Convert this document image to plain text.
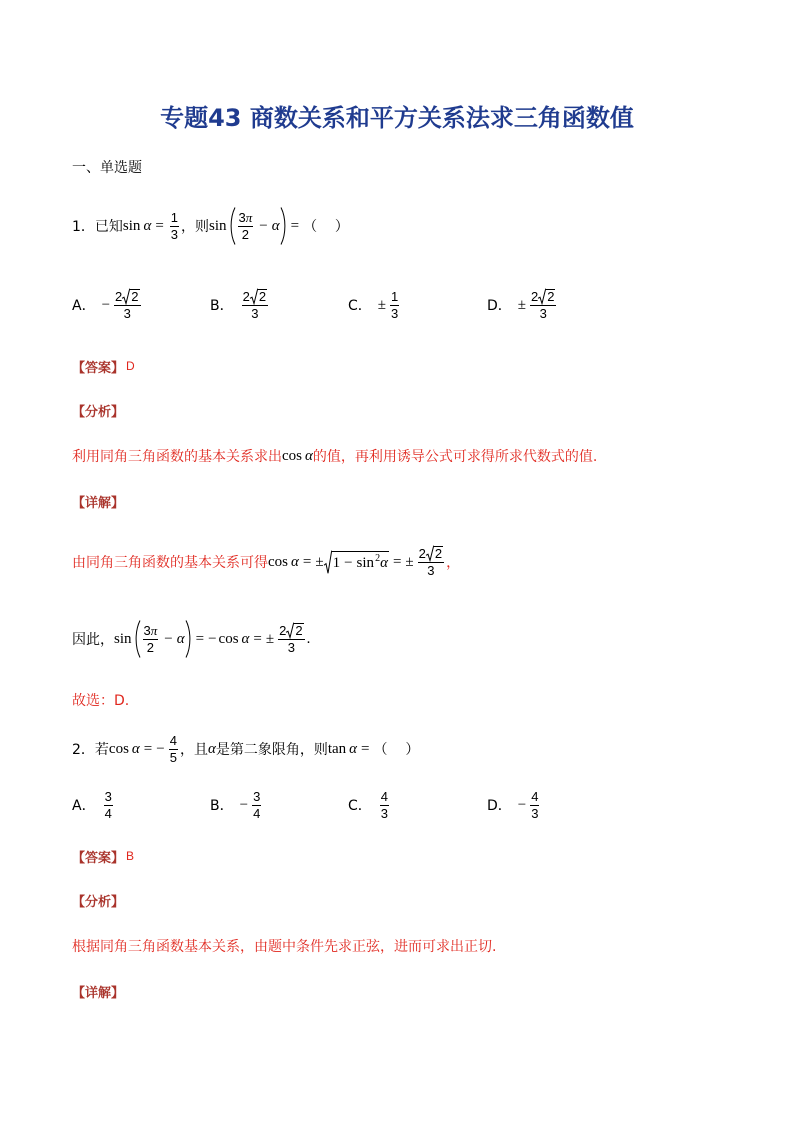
专题43 商数关系和平方关系法求三角函数值
一、单选题
1． 已知 $\sin \alpha = \frac{1}{3}$ ，则 $\sin \frac{3 \pi}{2} - \alpha$ = （    ）
A． − $\frac{2 2}{3}$	B． $\frac{2 2}{3}$	C． ± $\frac{1}{3}$	D． ± $\frac{2 2}{3}$
【答案】 D
【分析】
利用同角三角函数的基本关系求出 cos α 的值，再利用诱导公式可求得所求代数式的值.
【详解】
由同角三角函数的基本关系可得 cos α = ± $1 - \sin^2 \alpha$ = ± $\frac{2 2}{3}$ ，
因此， $\sin \frac{3 \pi}{2} - \alpha$ = − cos α = ± $\frac{2 2}{3}$ .
故选：D.
2． 若 cos α = − $\frac{4}{5}$ ，且 α 是第二象限角，则 tan α = （    ）
A． $\frac{3}{4}$	B． − $\frac{3}{4}$	C． $\frac{4}{3}$	D． − $\frac{4}{3}$
【答案】 B
【分析】
根据同角三角函数基本关系，由题中条件先求正弦，进而可求出正切.
【详解】
